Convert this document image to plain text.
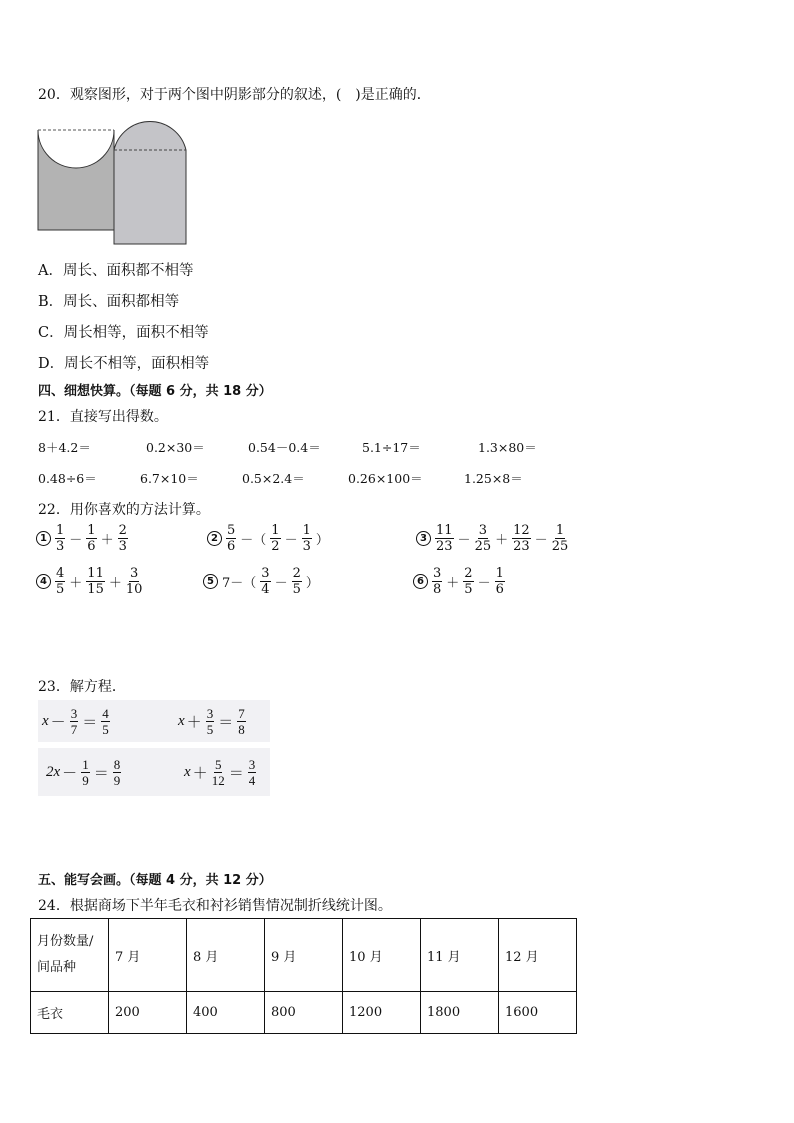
20．观察图形，对于两个图中阴影部分的叙述，(　)是正确的．
A．周长、面积都不相等
B．周长、面积都相等
C．周长相等，面积不相等
D．周长不相等，面积相等
四、细想快算。（每题 6 分，共 18 分）
21．直接写出得数。
8＋4.2＝	0.2×30＝	0.54－0.4＝	5.1÷17＝	1.3×80＝
0.48÷6＝	6.7×10＝	0.5×2.4＝	0.26×100＝	1.25×8＝
22．用你喜欢的方法计算。
$1 \frac{1}{3} - \frac{1}{6} + \frac{2}{3}$	$2 \frac{5}{6}$ －（ $\frac{1}{2} - \frac{1}{3}$ ）	$3 \frac{11}{23} - \frac{3}{25} + \frac{12}{23} - \frac{1}{25}$
$4 \frac{4}{5} + \frac{11}{15} + \frac{3}{10}$	5 $7-( \frac{3}{4} - \frac{2}{5}$ ）	$6 \frac{3}{8} + \frac{2}{5} - \frac{1}{6}$
23．解方程．
$x - \frac{3}{7} = \frac{4}{5}$	$x + \frac{3}{5} = \frac{7}{8}$
$2x - \frac{1}{9} = \frac{8}{9}$	$x + \frac{5}{12} = \frac{3}{4}$
五、能写会画。（每题 4 分，共 12 分）
24．根据商场下半年毛衣和衬衫销售情况制折线统计图。
月份数量/
间品种	7 月	8 月	9 月	10 月	11 月	12 月
毛衣	200	400	800	1200	1800	1600
